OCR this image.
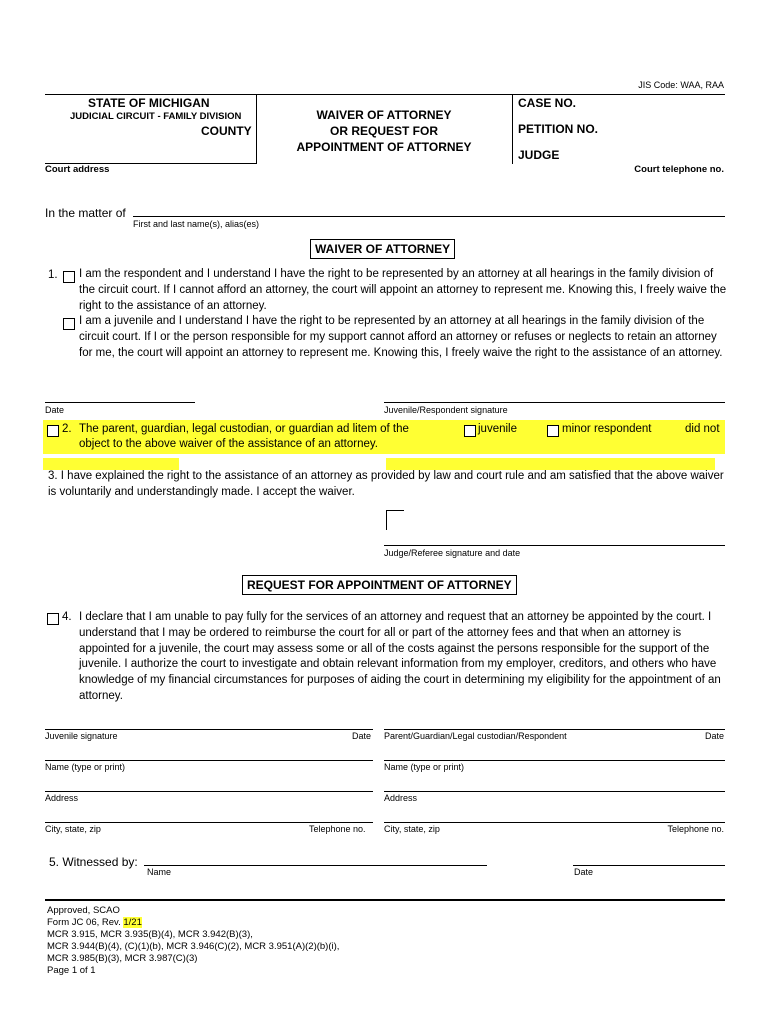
JIS Code: WAA, RAA
STATE OF MICHIGAN
JUDICIAL CIRCUIT - FAMILY DIVISION
COUNTY
WAIVER OF ATTORNEY
OR REQUEST FOR
APPOINTMENT OF ATTORNEY
CASE NO.
PETITION NO.
JUDGE
Court address	Court telephone no.
In the matter of
First and last name(s), alias(es)
WAIVER OF ATTORNEY
1. I am the respondent and I understand I have the right to be represented by an attorney at all hearings in the family division of the circuit court. If I cannot afford an attorney, the court will appoint an attorney to represent me. Knowing this, I freely waive the right to the assistance of an attorney.
I am a juvenile and I understand I have the right to be represented by an attorney at all hearings in the family division of the circuit court. If I or the person responsible for my support cannot afford an attorney or refuses or neglects to retain an attorney for me, the court will appoint an attorney to represent me. Knowing this, I freely waive the right to the assistance of an attorney.
Date	Juvenile/Respondent signature
2. The parent, guardian, legal custodian, or guardian ad litem of the	juvenile	minor respondent	did not
object to the above waiver of the assistance of an attorney.
3. I have explained the right to the assistance of an attorney as provided by law and court rule and am satisfied that the above waiver is voluntarily and understandingly made. I accept the waiver.
Judge/Referee signature and date
REQUEST FOR APPOINTMENT OF ATTORNEY
4. I declare that I am unable to pay fully for the services of an attorney and request that an attorney be appointed by the court. I understand that I may be ordered to reimburse the court for all or part of the attorney fees and that when an attorney is appointed for a juvenile, the court may assess some or all of the costs against the persons responsible for the support of the juvenile. I authorize the court to investigate and obtain relevant information from my employer, creditors, and others who have knowledge of my financial circumstances for purposes of aiding the court in determining my eligibility for the appointment of an attorney.
Juvenile signature	Date Parent/Guardian/Legal custodian/Respondent	Date
Name (type or print)	Name (type or print)
Address	Address
City, state, zip	Telephone no. City, state, zip	Telephone no.
5. Witnessed by:
Name	Date
Approved, SCAO
Form JC 06, Rev. 1/21
MCR 3.915, MCR 3.935(B)(4), MCR 3.942(B)(3),
MCR 3.944(B)(4), (C)(1)(b), MCR 3.946(C)(2), MCR 3.951(A)(2)(b)(i),
MCR 3.985(B)(3), MCR 3.987(C)(3)
Page 1 of 1
